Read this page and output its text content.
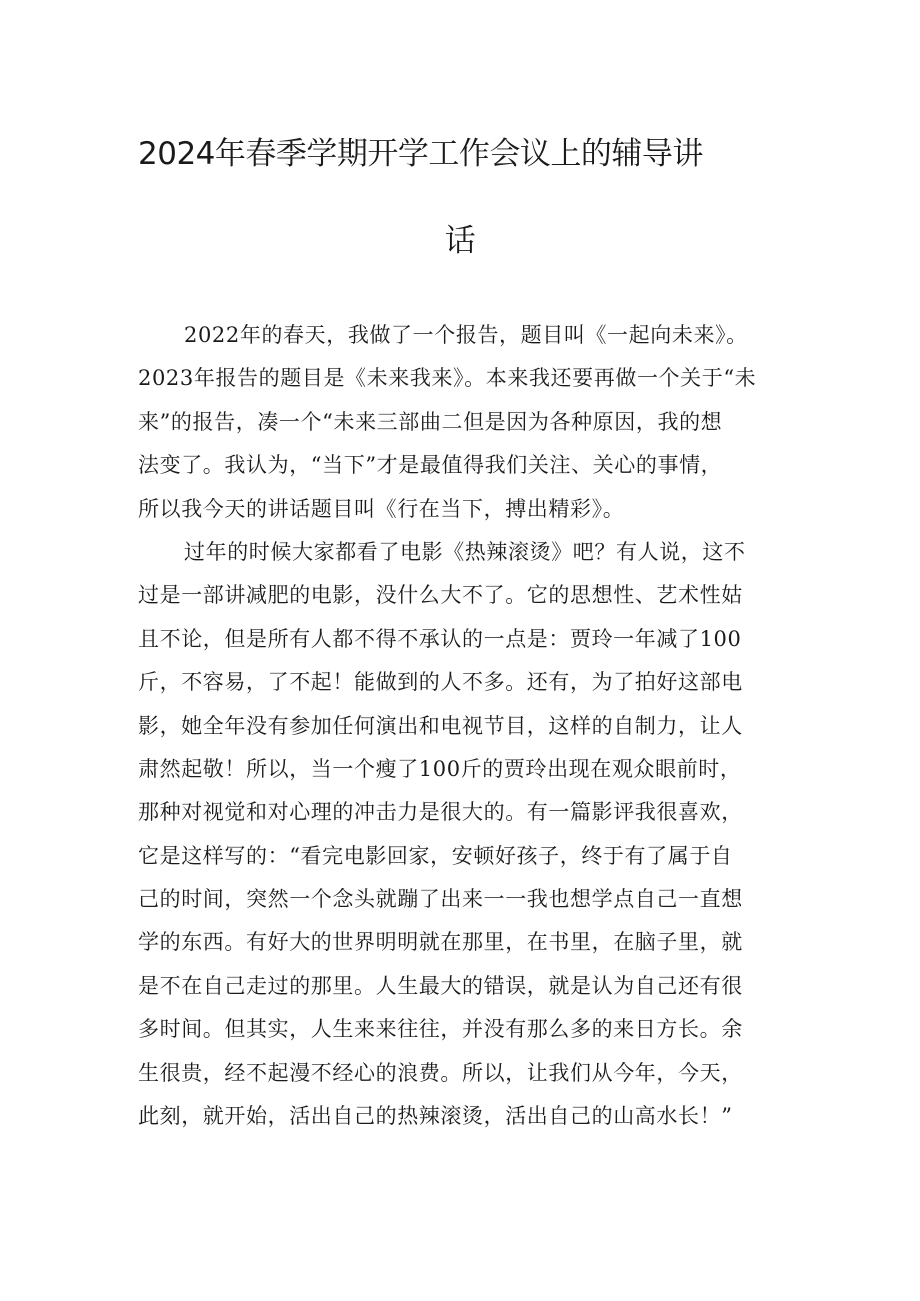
2024年春季学期开学工作会议上的辅导讲
话
2022年的春天，我做了一个报告，题目叫《一起向未来》。
2023年报告的题目是《未来我来》。本来我还要再做一个关于“未
来”的报告，凑一个“未来三部曲二但是因为各种原因，我的想
法变了。我认为，“当下”才是最值得我们关注、关心的事情，
所以我今天的讲话题目叫《行在当下，搏出精彩》。
过年的时候大家都看了电影《热辣滚烫》吧？有人说，这不
过是一部讲减肥的电影，没什么大不了。它的思想性、艺术性姑
且不论，但是所有人都不得不承认的一点是：贾玲一年减了100
斤，不容易，了不起！能做到的人不多。还有，为了拍好这部电
影，她全年没有参加任何演出和电视节目，这样的自制力，让人
肃然起敬！所以，当一个瘦了100斤的贾玲出现在观众眼前时，
那种对视觉和对心理的冲击力是很大的。有一篇影评我很喜欢，
它是这样写的：“看完电影回家，安顿好孩子，终于有了属于自
己的时间，突然一个念头就蹦了出来一一我也想学点自己一直想
学的东西。有好大的世界明明就在那里，在书里，在脑子里，就
是不在自己走过的那里。人生最大的错误，就是认为自己还有很
多时间。但其实，人生来来往往，并没有那么多的来日方长。余
生很贵，经不起漫不经心的浪费。所以，让我们从今年，今天，
此刻，就开始，活出自己的热辣滚烫，活出自己的山高水长！”
